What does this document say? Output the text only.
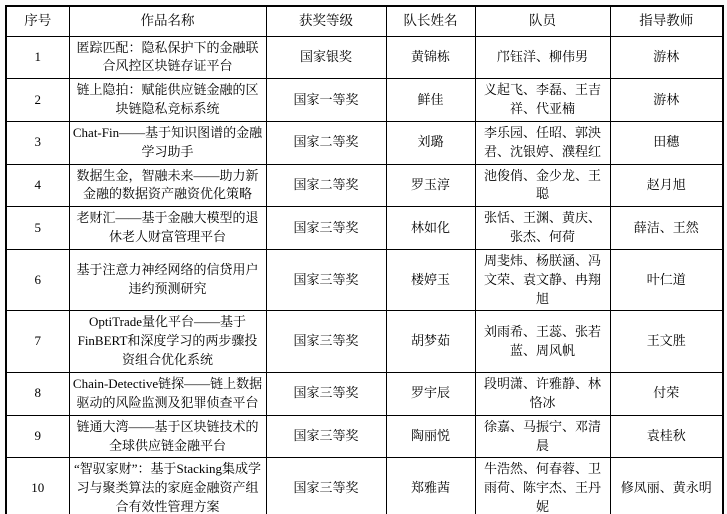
序号	作品名称	获奖等级	队长姓名	队员	指导教师
1	匿踪匹配：隐私保护下的金融联合风控区块链存证平台	国家银奖	黄锦栋	邝钰洋、柳伟男	游林
2	链上隐拍：赋能供应链金融的区块链隐私竞标系统	国家一等奖	鲜佳	义起飞、李磊、王吉祥、代亚楠	游林
3	Chat-Fin——基于知识图谱的金融学习助手	国家二等奖	刘璐	李乐园、任昭、郭泱君、沈银婷、濮程红	田穗
4	数据生金，智融未来——助力新金融的数据资产融资优化策略	国家二等奖	罗玉淳	池俊俏、金少龙、王聪	赵月旭
5	老财汇——基于金融大模型的退休老人财富管理平台	国家三等奖	林如化	张恬、王渊、黄庆、张杰、何荷	薛洁、王然
6	基于注意力神经网络的信贷用户违约预测研究	国家三等奖	楼婷玉	周斐炜、杨朕涵、冯文荣、袁文静、冉翔旭	叶仁道
7	OptiTrade量化平台——基于FinBERT和深度学习的两步骤投资组合优化系统	国家三等奖	胡梦茹	刘雨希、王蕊、张若蓝、周风帆	王文胜
8	Chain-Detective链探——链上数据驱动的风险监测及犯罪侦查平台	国家三等奖	罗宇辰	段明潇、许雅静、林恪冰	付荣
9	链通大湾——基于区块链技术的全球供应链金融平台	国家三等奖	陶丽悦	徐嘉、马振宁、邓清晨	袁桂秋
10	“智驭家财”：基于Stacking集成学习与聚类算法的家庭金融资产组合有效性管理方案	国家三等奖	郑雅茜	牛浩然、何春蓉、卫雨荷、陈宇杰、王丹妮	修凤丽、黄永明
